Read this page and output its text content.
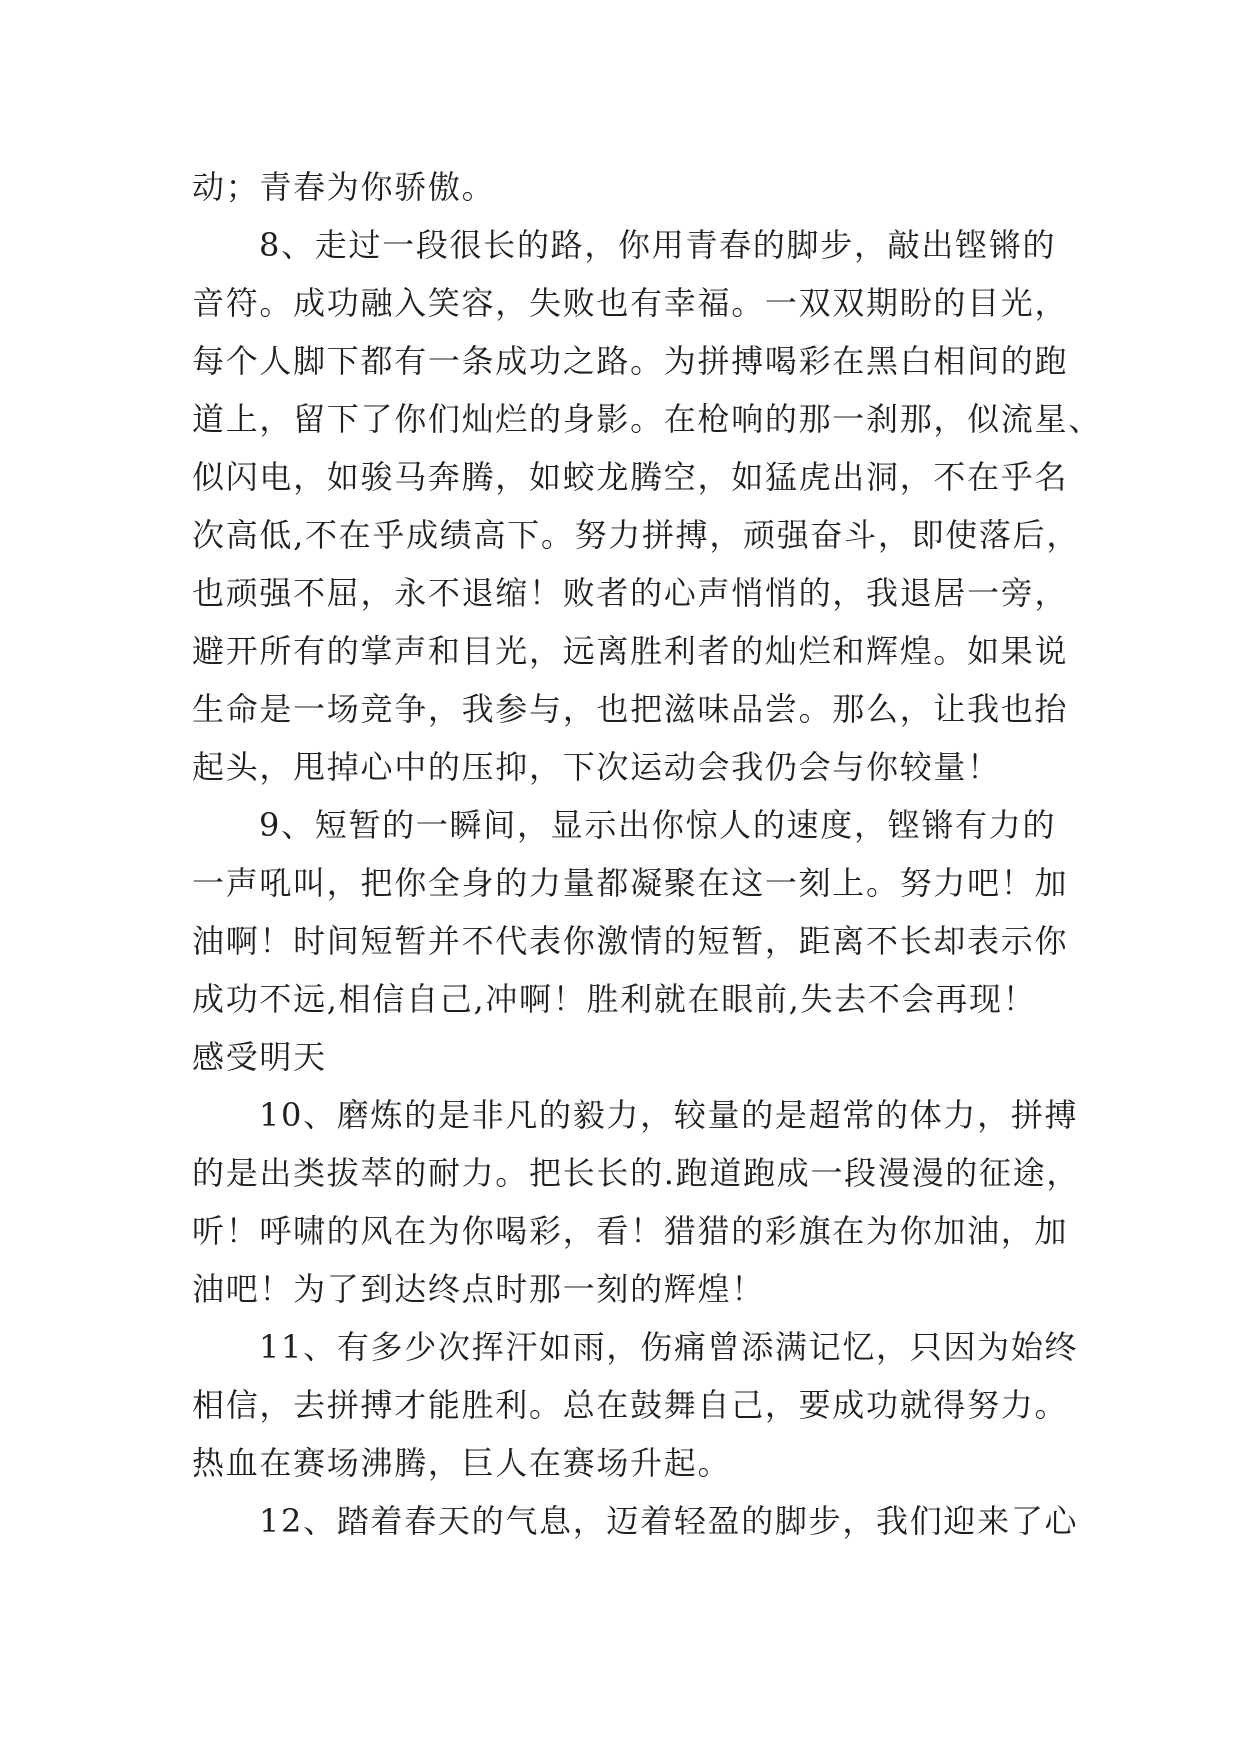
动；青春为你骄傲。
8、走过一段很长的路，你用青春的脚步，敲出铿锵的
音符。成功融入笑容，失败也有幸福。一双双期盼的目光，
每个人脚下都有一条成功之路。为拼搏喝彩在黑白相间的跑
道上，留下了你们灿烂的身影。在枪响的那一刹那，似流星、
似闪电，如骏马奔腾，如蛟龙腾空，如猛虎出洞，不在乎名
次高低,不在乎成绩高下。努力拼搏，顽强奋斗，即使落后，
也顽强不屈，永不退缩！败者的心声悄悄的，我退居一旁，
避开所有的掌声和目光，远离胜利者的灿烂和辉煌。如果说
生命是一场竞争，我参与，也把滋味品尝。那么，让我也抬
起头，甩掉心中的压抑，下次运动会我仍会与你较量！
9、短暂的一瞬间，显示出你惊人的速度，铿锵有力的
一声吼叫，把你全身的力量都凝聚在这一刻上。努力吧！加
油啊！时间短暂并不代表你激情的短暂，距离不长却表示你
成功不远,相信自己,冲啊！胜利就在眼前,失去不会再现！
感受明天
10、磨炼的是非凡的毅力，较量的是超常的体力，拼搏
的是出类拔萃的耐力。把长长的.跑道跑成一段漫漫的征途，
听！呼啸的风在为你喝彩，看！猎猎的彩旗在为你加油，加
油吧！为了到达终点时那一刻的辉煌！
11、有多少次挥汗如雨，伤痛曾添满记忆，只因为始终
相信，去拼搏才能胜利。总在鼓舞自己，要成功就得努力。
热血在赛场沸腾，巨人在赛场升起。
12、踏着春天的气息，迈着轻盈的脚步，我们迎来了心
